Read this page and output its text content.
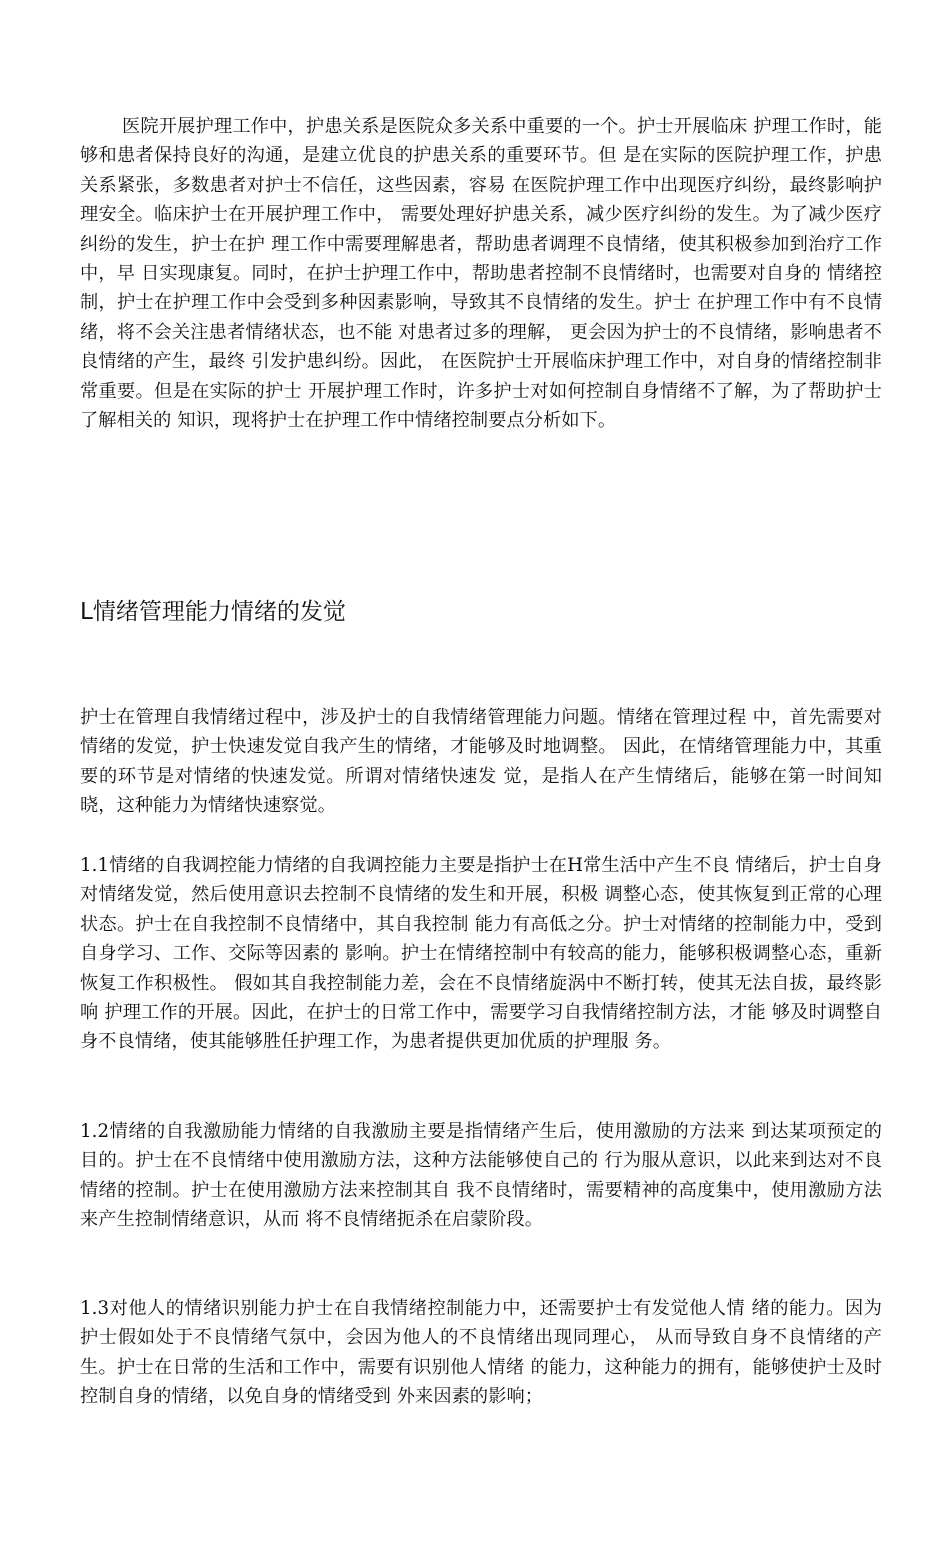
医院开展护理工作中，护患关系是医院众多关系中重要的一个。护士开展临床 护理工作时，能够和患者保持良好的沟通，是建立优良的护患关系的重要环节。但 是在实际的医院护理工作，护患关系紧张，多数患者对护士不信任，这些因素，容易 在医院护理工作中出现医疗纠纷，最终影响护理安全。临床护士在开展护理工作中， 需要处理好护患关系，减少医疗纠纷的发生。为了减少医疗纠纷的发生，护士在护 理工作中需要理解患者，帮助患者调理不良情绪，使其积极参加到治疗工作中，早 日实现康复。同时，在护士护理工作中，帮助患者控制不良情绪时，也需要对自身的 情绪控制，护士在护理工作中会受到多种因素影响，导致其不良情绪的发生。护士 在护理工作中有不良情绪，将不会关注患者情绪状态，也不能 对患者过多的理解， 更会因为护士的不良情绪，影响患者不良情绪的产生，最终 引发护患纠纷。因此， 在医院护士开展临床护理工作中，对自身的情绪控制非常重要。但是在实际的护士 开展护理工作时，许多护士对如何控制自身情绪不了解，为了帮助护士了解相关的 知识，现将护士在护理工作中情绪控制要点分析如下。

L情绪管理能力情绪的发觉

护士在管理自我情绪过程中，涉及护士的自我情绪管理能力问题。情绪在管理过程 中，首先需要对情绪的发觉，护士快速发觉自我产生的情绪，才能够及时地调整。 因此，在情绪管理能力中，其重要的环节是对情绪的快速发觉。所谓对情绪快速发 觉，是指人在产生情绪后，能够在第一时间知晓，这种能力为情绪快速察觉。

1.1情绪的自我调控能力情绪的自我调控能力主要是指护士在H常生活中产生不良 情绪后，护士自身对情绪发觉，然后使用意识去控制不良情绪的发生和开展，积极 调整心态，使其恢复到正常的心理状态。护士在自我控制不良情绪中，其自我控制 能力有高低之分。护士对情绪的控制能力中，受到自身学习、工作、交际等因素的 影响。护士在情绪控制中有较高的能力，能够积极调整心态，重新恢复工作积极性。 假如其自我控制能力差，会在不良情绪旋涡中不断打转，使其无法自拔，最终影响 护理工作的开展。因此，在护士的日常工作中，需要学习自我情绪控制方法，才能 够及时调整自身不良情绪，使其能够胜任护理工作，为患者提供更加优质的护理服 务。

1.2情绪的自我激励能力情绪的自我激励主要是指情绪产生后，使用激励的方法来 到达某项预定的目的。护士在不良情绪中使用激励方法，这种方法能够使自己的 行为服从意识，以此来到达对不良情绪的控制。护士在使用激励方法来控制其自 我不良情绪时，需要精神的高度集中，使用激励方法来产生控制情绪意识，从而 将不良情绪扼杀在启蒙阶段。

1.3对他人的情绪识别能力护士在自我情绪控制能力中，还需要护士有发觉他人情 绪的能力。因为护士假如处于不良情绪气氛中，会因为他人的不良情绪出现同理心， 从而导致自身不良情绪的产生。护士在日常的生活和工作中，需要有识别他人情绪 的能力，这种能力的拥有，能够使护士及时控制自身的情绪，以免自身的情绪受到 外来因素的影响；
